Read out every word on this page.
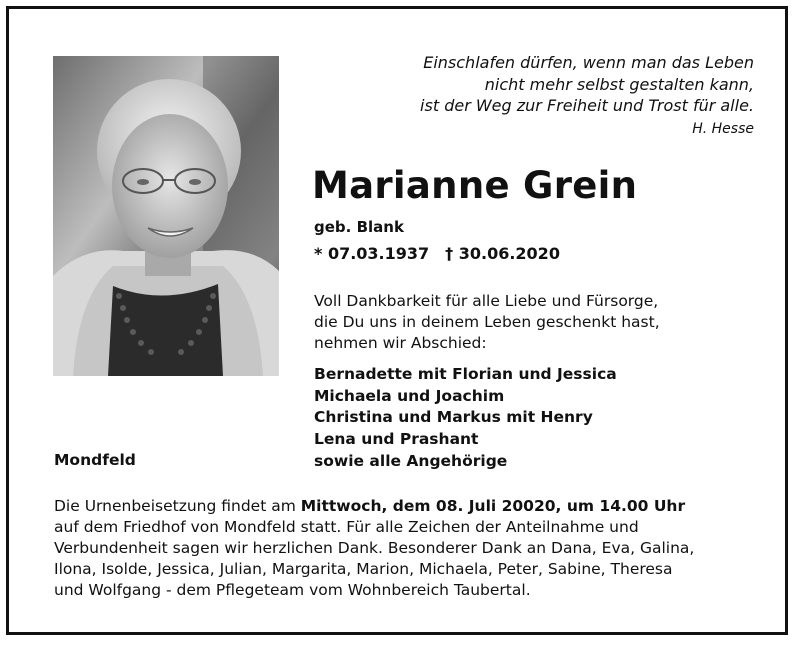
Einschlafen dürfen, wenn man das Leben
nicht mehr selbst gestalten kann,
ist der Weg zur Freiheit und Trost für alle.
H. Hesse
Marianne Grein
geb. Blank
* 07.03.1937 † 30.06.2020
Voll Dankbarkeit für alle Liebe und Fürsorge,
die Du uns in deinem Leben geschenkt hast,
nehmen wir Abschied:
Bernadette mit Florian und Jessica
Michaela und Joachim
Christina und Markus mit Henry
Lena und Prashant
sowie alle Angehörige
Mondfeld
Die Urnenbeisetzung findet am Mittwoch, dem 08. Juli 20020, um 14.00 Uhr
auf dem Friedhof von Mondfeld statt. Für alle Zeichen der Anteilnahme und
Verbundenheit sagen wir herzlichen Dank. Besonderer Dank an Dana, Eva, Galina,
Ilona, Isolde, Jessica, Julian, Margarita, Marion, Michaela, Peter, Sabine, Theresa
und Wolfgang - dem Pflegeteam vom Wohnbereich Taubertal.
